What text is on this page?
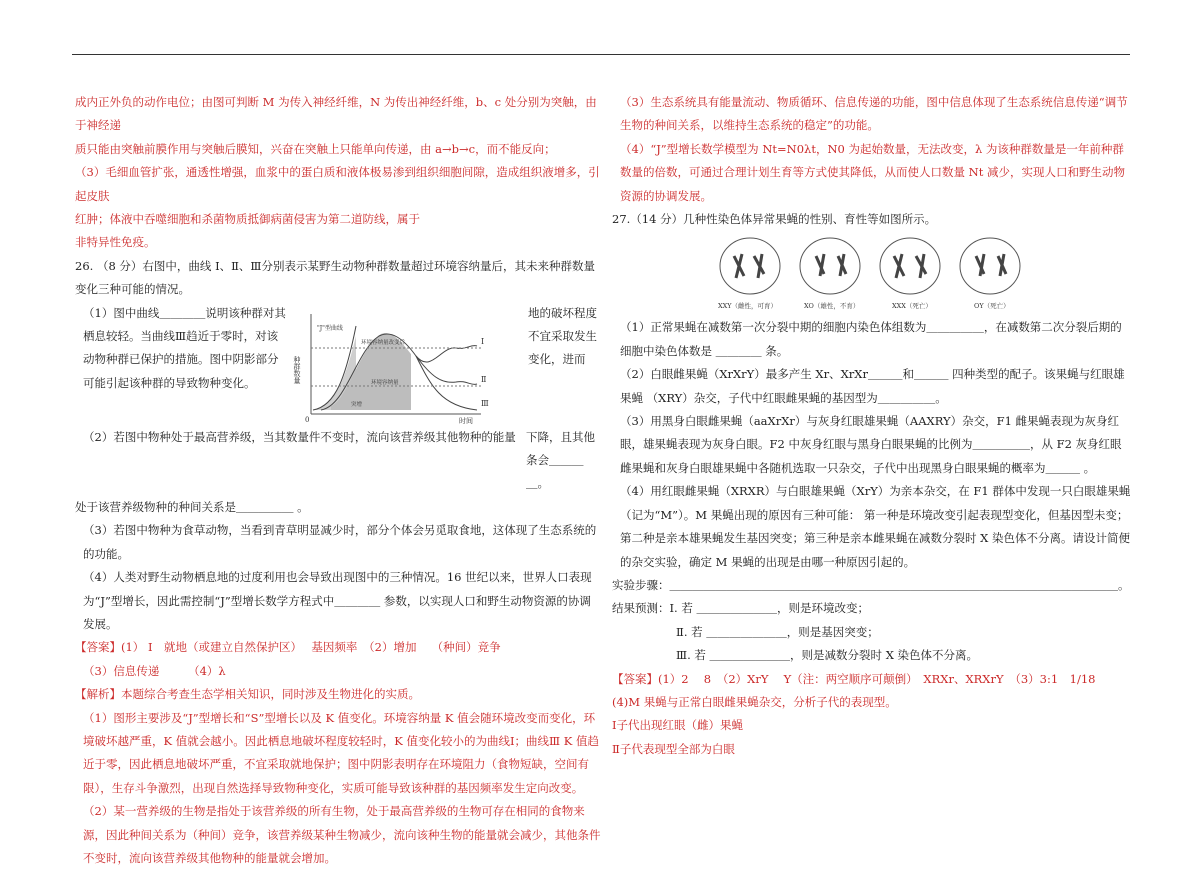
成内正外负的动作电位；由图可判断 M 为传入神经纤维，N 为传出神经纤维，b、c 处分别为突触，由于神经递

质只能由突触前膜作用与突触后膜知，兴奋在突触上只能单向传递，由 a→b→c，而不能反向；

（3）毛细血管扩张，通透性增强，血浆中的蛋白质和液体极易渗到组织细胞间隙，造成组织液增多，引起皮肤

红肿；体液中吞噬细胞和杀菌物质抵御病菌侵害为第二道防线，属于

非特异性免疫。

26. （8 分）右图中，曲线 Ⅰ、Ⅱ、Ⅲ分别表示某野生动物种群数量超过环境容纳量后，其未来种群数量变化三种可能的情况。

（1）图中曲线＿＿＿＿说明该种群对其栖息较轻。当曲线Ⅲ趋近于零时，对该动物种群已保护的措施。图中阴影部分可能引起该种群的导致物种变化。	种群数量
时间
0
"J"型曲线
环境容纳量改变后
环境容纳量
突增
Ⅰ
Ⅱ
Ⅲ
地的破坏程度不宜采取发生变化，进而
（2）若图中物种处于最高营养级，当其数量件不变时，流向该营养级其他物种的能量 下降，且其他条会＿＿＿＿。

处于该营养级物种的种间关系是＿＿＿＿＿ 。

（3）若图中物种为食草动物，当看到青草明显减少时，部分个体会另觅取食地，这体现了生态系统的的功能。

（4）人类对野生动物栖息地的过度利用也会导致出现图中的三种情况。16 世纪以来，世界人口表现为“J”型增长，因此需控制“J”型增长数学方程式中＿＿＿＿ 参数，以实现人口和野生动物资源的协调发展。

【答案】(1） Ⅰ　就地（或建立自然保护区）　 基因频率　（2）增加　 （种间）竞争

（3）信息传递　　　（4）λ

【解析】本题综合考查生态学相关知识，同时涉及生物进化的实质。

（1）图形主要涉及“J”型增长和“S”型增长以及 K 值变化。环境容纳量 K 值会随环境改变而变化，环境破坏越严重，K 值就会越小。因此栖息地破坏程度较轻时，K 值变化较小的为曲线Ⅰ；曲线Ⅲ K 值趋近于零，因此栖息地破坏严重，不宜采取就地保护；图中阴影表明存在环境阻力（食物短缺，空间有限），生存斗争激烈，出现自然选择导致物种变化，实质可能导致该种群的基因频率发生定向改变。

（2）某一营养级的生物是指处于该营养级的所有生物，处于最高营养级的生物可存在相同的食物来源，因此种间关系为（种间）竞争，该营养级某种生物减少，流向该种生物的能量就会减少，其他条件不变时，流向该营养级其他物种的能量就会增加。

（3）生态系统具有能量流动、物质循环、信息传递的功能，图中信息体现了生态系统信息传递“调节生物的种间关系，以维持生态系统的稳定”的功能。

（4）“J”型增长数学模型为 Nt=N0λt，N0 为起始数量，无法改变，λ 为该种群数量是一年前种群数量的倍数，可通过合理计划生育等方式使其降低，从而使人口数量 Nt 减少，实现人口和野生动物资源的协调发展。

27.（14 分）几种性染色体异常果蝇的性别、育性等如图所示。

XXY（雌性，可育）	XO（雄性，不育）	XXX（死亡）	OY（死亡）

（1）正常果蝇在减数第一次分裂中期的细胞内染色体组数为＿＿＿＿＿，在减数第二次分裂后期的细胞中染色体数是 ＿＿＿＿ 条。

（2）白眼雌果蝇（XrXrY）最多产生 Xr、XrXr＿＿＿和＿＿＿ 四种类型的配子。该果蝇与红眼雄果蝇 （XRY）杂交，子代中红眼雌果蝇的基因型为＿＿＿＿＿。

（3）用黑身白眼雌果蝇（aaXrXr）与灰身红眼雄果蝇（AAXRY）杂交，F1 雌果蝇表现为灰身红眼，雄果蝇表现为灰身白眼。F2 中灰身红眼与黑身白眼果蝇的比例为＿＿＿＿＿，从 F2 灰身红眼雌果蝇和灰身白眼雄果蝇中各随机选取一只杂交，子代中出现黑身白眼果蝇的概率为＿＿＿ 。

（4）用红眼雌果蝇（XRXR）与白眼雄果蝇（XrY）为亲本杂交，在 F1 群体中发现一只白眼雄果蝇（记为“M”）。M 果蝇出现的原因有三种可能： 第一种是环境改变引起表现型变化，但基因型未变；第二种是亲本雄果蝇发生基因突变；第三种是亲本雌果蝇在减数分裂时 X 染色体不分离。请设计简便的杂交实验，确定 M 果蝇的出现是由哪一种原因引起的。

实验步骤：＿＿＿＿＿＿＿＿＿＿＿＿＿＿＿＿＿＿＿＿＿＿＿＿＿＿＿＿＿＿＿＿＿＿＿＿＿＿＿。

结果预测：Ⅰ. 若 ＿＿＿＿＿＿＿，则是环境改变；

Ⅱ. 若 ＿＿＿＿＿＿＿，则是基因突变；

Ⅲ. 若 ＿＿＿＿＿＿＿，则是减数分裂时 X 染色体不分离。

【答案】(1）2　 8　（2）XrY　 Y（注：两空顺序可颠倒）　XRXr、XRXrY　（3）3:1　1/18

(4)M 果蝇与正常白眼雌果蝇杂交，分析子代的表现型。

Ⅰ子代出现红眼（雌）果蝇

Ⅱ子代表现型全部为白眼
